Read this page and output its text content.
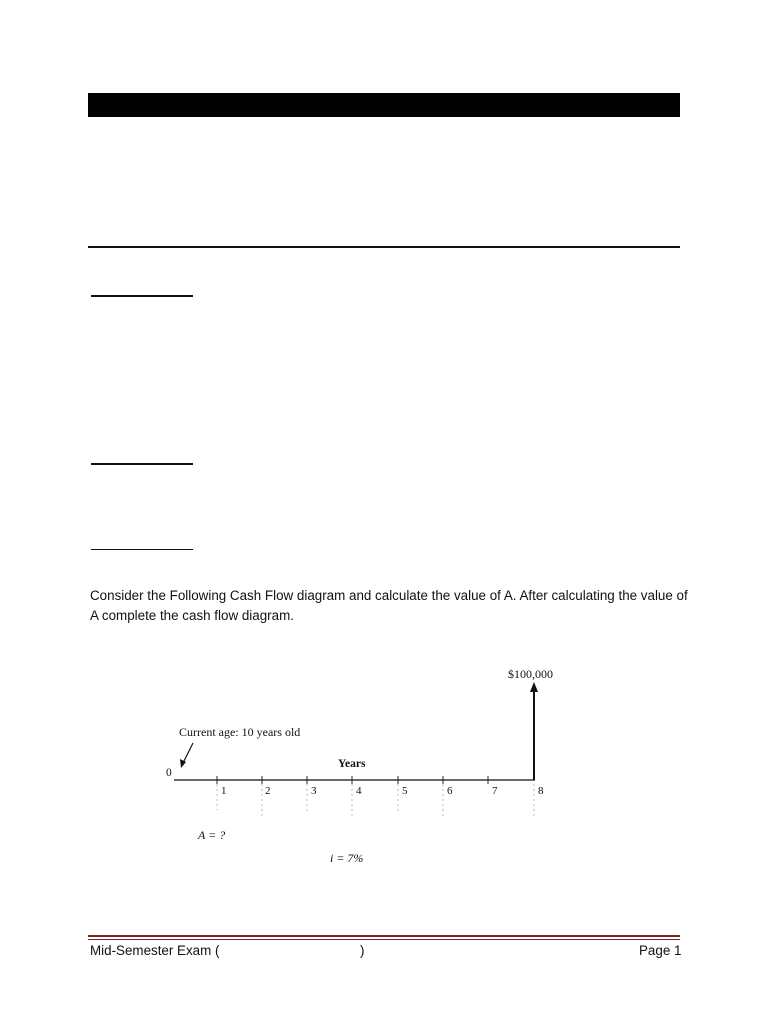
Consider the Following Cash Flow diagram and calculate the value of A. After calculating the value of A complete the cash flow diagram.

$100,000
Current age: 10 years old
Years
0
1	2	3	4	5	6	7	8
A = ?
i = 7%
Mid-Semester Exam (	)	Page 1
